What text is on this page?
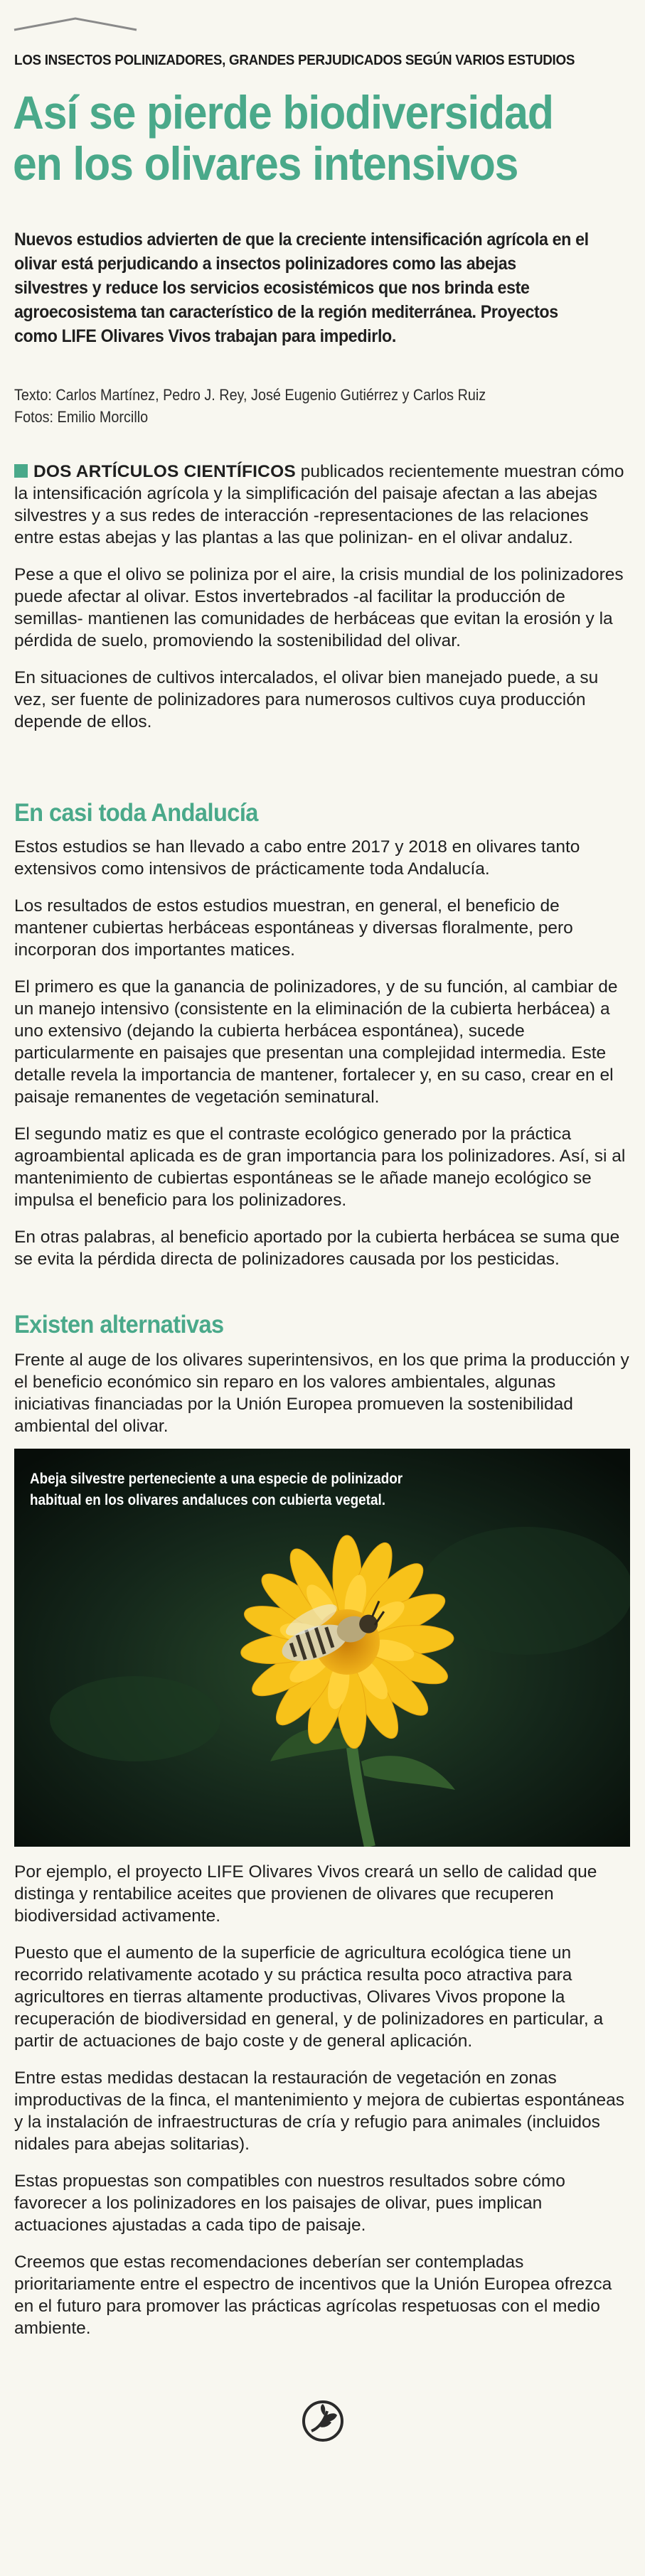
LOS INSECTOS POLINIZADORES, GRANDES PERJUDICADOS SEGÚN VARIOS ESTUDIOS
Así se pierde biodiversidad en los olivares intensivos
Nuevos estudios advierten de que la creciente intensificación agrícola en el olivar está perjudicando a insectos polinizadores como las abejas silvestres y reduce los servicios ecosistémicos que nos brinda este agroecosistema tan característico de la región mediterránea. Proyectos como LIFE Olivares Vivos trabajan para impedirlo.
Texto: Carlos Martínez, Pedro J. Rey, José Eugenio Gutiérrez y Carlos Ruiz
Fotos: Emilio Morcillo

DOS ARTÍCULOS CIENTÍFICOS publicados recientemente muestran cómo la intensificación agrícola y la simplificación del paisaje afectan a las abejas silvestres y a sus redes de interacción -representaciones de las relaciones entre estas abejas y las plantas a las que polinizan- en el olivar andaluz.

Pese a que el olivo se poliniza por el aire, la crisis mundial de los polinizadores puede afectar al olivar. Estos invertebrados -al facilitar la producción de semillas- mantienen las comunidades de herbáceas que evitan la erosión y la pérdida de suelo, promoviendo la sostenibilidad del olivar.

En situaciones de cultivos intercalados, el olivar bien manejado puede, a su vez, ser fuente de polinizadores para numerosos cultivos cuya producción depende de ellos.

En casi toda Andalucía

Estos estudios se han llevado a cabo entre 2017 y 2018 en olivares tanto extensivos como intensivos de prácticamente toda Andalucía.

Los resultados de estos estudios muestran, en general, el beneficio de mantener cubiertas herbáceas espontáneas y diversas floralmente, pero incorporan dos importantes matices.

El primero es que la ganancia de polinizadores, y de su función, al cambiar de un manejo intensivo (consistente en la eliminación de la cubierta herbácea) a uno extensivo (dejando la cubierta herbácea espontánea), sucede particularmente en paisajes que presentan una complejidad intermedia. Este detalle revela la importancia de mantener, fortalecer y, en su caso, crear en el paisaje remanentes de vegetación seminatural.

El segundo matiz es que el contraste ecológico generado por la práctica agroambiental aplicada es de gran importancia para los polinizadores. Así, si al mantenimiento de cubiertas espontáneas se le añade manejo ecológico se impulsa el beneficio para los polinizadores.

En otras palabras, al beneficio aportado por la cubierta herbácea se suma que se evita la pérdida directa de polinizadores causada por los pesticidas.

Existen alternativas

Frente al auge de los olivares superintensivos, en los que prima la producción y el beneficio económico sin reparo en los valores ambientales, algunas iniciativas financiadas por la Unión Europea promueven la sostenibilidad ambiental del olivar.

Abeja silvestre perteneciente a una especie de polinizador habitual en los olivares andaluces con cubierta vegetal.

Por ejemplo, el proyecto LIFE Olivares Vivos creará un sello de calidad que distinga y rentabilice aceites que provienen de olivares que recuperen biodiversidad activamente.

Puesto que el aumento de la superficie de agricultura ecológica tiene un recorrido relativamente acotado y su práctica resulta poco atractiva para agricultores en tierras altamente productivas, Olivares Vivos propone la recuperación de biodiversidad en general, y de polinizadores en particular, a partir de actuaciones de bajo coste y de general aplicación.

Entre estas medidas destacan la restauración de vegetación en zonas improductivas de la finca, el mantenimiento y mejora de cubiertas espontáneas y la instalación de infraestructuras de cría y refugio para animales (incluidos nidales para abejas solitarias).

Estas propuestas son compatibles con nuestros resultados sobre cómo favorecer a los polinizadores en los paisajes de olivar, pues implican actuaciones ajustadas a cada tipo de paisaje.

Creemos que estas recomendaciones deberían ser contempladas prioritariamente entre el espectro de incentivos que la Unión Europea ofrezca en el futuro para promover las prácticas agrícolas respetuosas con el medio ambiente.
